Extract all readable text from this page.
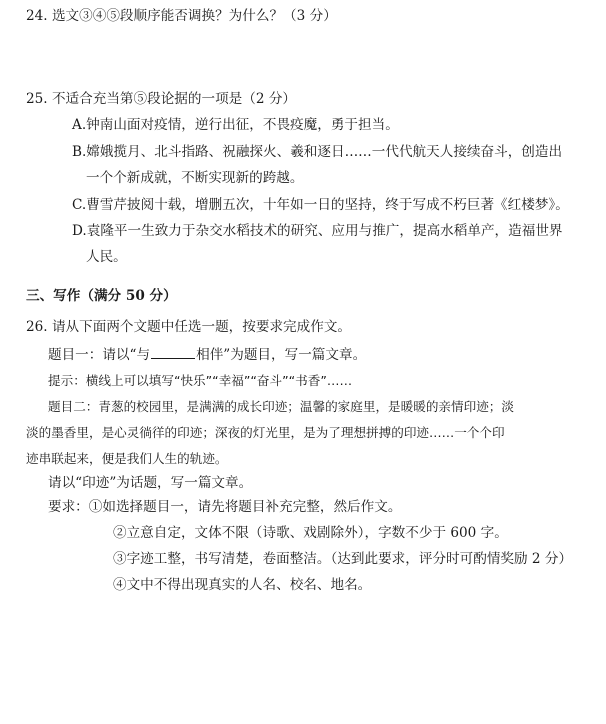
24. 选文③④⑤段顺序能否调换？为什么？（3 分）
25. 不适合充当第⑤段论据的一项是（2 分）
A.钟南山面对疫情，逆行出征，不畏疫魔，勇于担当。
B.嫦娥揽月、北斗指路、祝融探火、羲和逐日……一代代航天人接续奋斗，创造出
一个个新成就，不断实现新的跨越。
C.曹雪芹披阅十载，增删五次，十年如一日的坚持，终于写成不朽巨著《红楼梦》。
D.袁隆平一生致力于杂交水稻技术的研究、应用与推广，提高水稻单产，造福世界
人民。
三、写作（满分 50 分）
26. 请从下面两个文题中任选一题，按要求完成作文。
题目一：请以“与	相伴”为题目，写一篇文章。
提示：横线上可以填写“快乐”“幸福”“奋斗”“书香”……
题目二：青葱的校园里，是满满的成长印迹；温馨的家庭里，是暖暖的亲情印迹；淡
淡的墨香里，是心灵徜徉的印迹；深夜的灯光里，是为了理想拼搏的印迹……一个个印
迹串联起来，便是我们人生的轨迹。
请以“印迹”为话题，写一篇文章。
要求：①如选择题目一，请先将题目补充完整，然后作文。
②立意自定，文体不限（诗歌、戏剧除外），字数不少于 600 字。
③字迹工整，书写清楚，卷面整洁。（达到此要求，评分时可酌情奖励 2 分）
④文中不得出现真实的人名、校名、地名。
